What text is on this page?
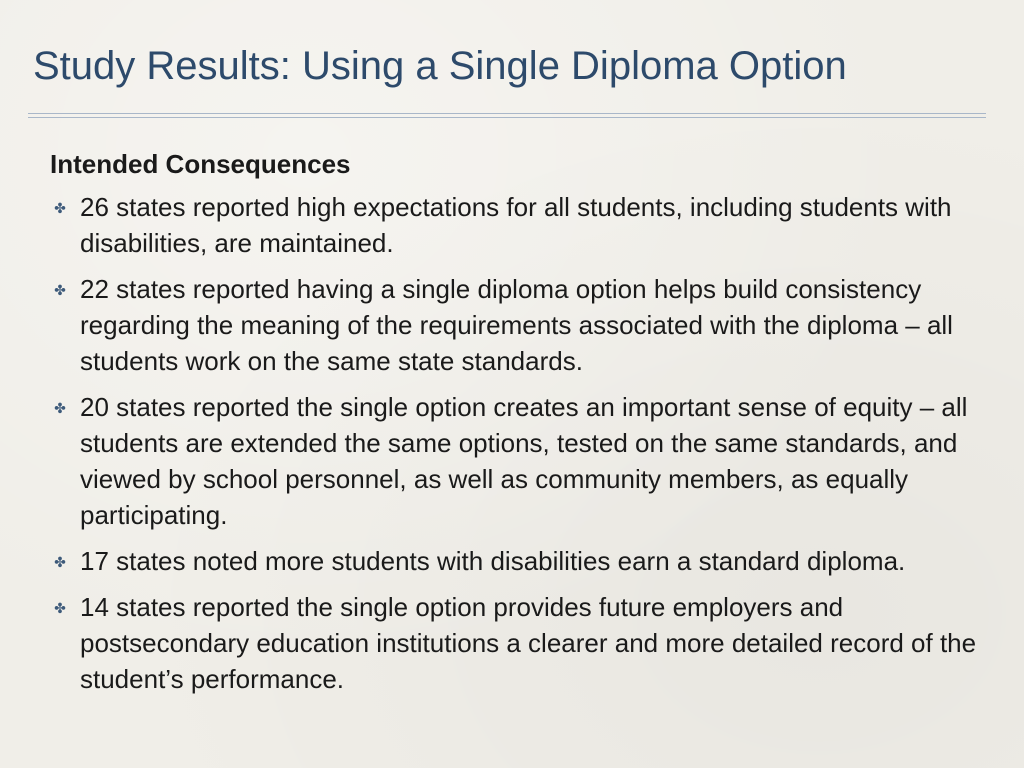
Study Results: Using a Single Diploma Option
Intended Consequences
✤ 26 states reported high expectations for all students, including students with disabilities, are maintained.
✤ 22 states reported having a single diploma option helps build consistency regarding the meaning of the requirements associated with the diploma – all students work on the same state standards.
✤ 20 states reported the single option creates an important sense of equity – all students are extended the same options, tested on the same standards, and viewed by school personnel, as well as community members, as equally participating.
✤ 17 states noted more students with disabilities earn a standard diploma.
✤ 14 states reported the single option provides future employers and postsecondary education institutions a clearer and more detailed record of the student’s performance.
